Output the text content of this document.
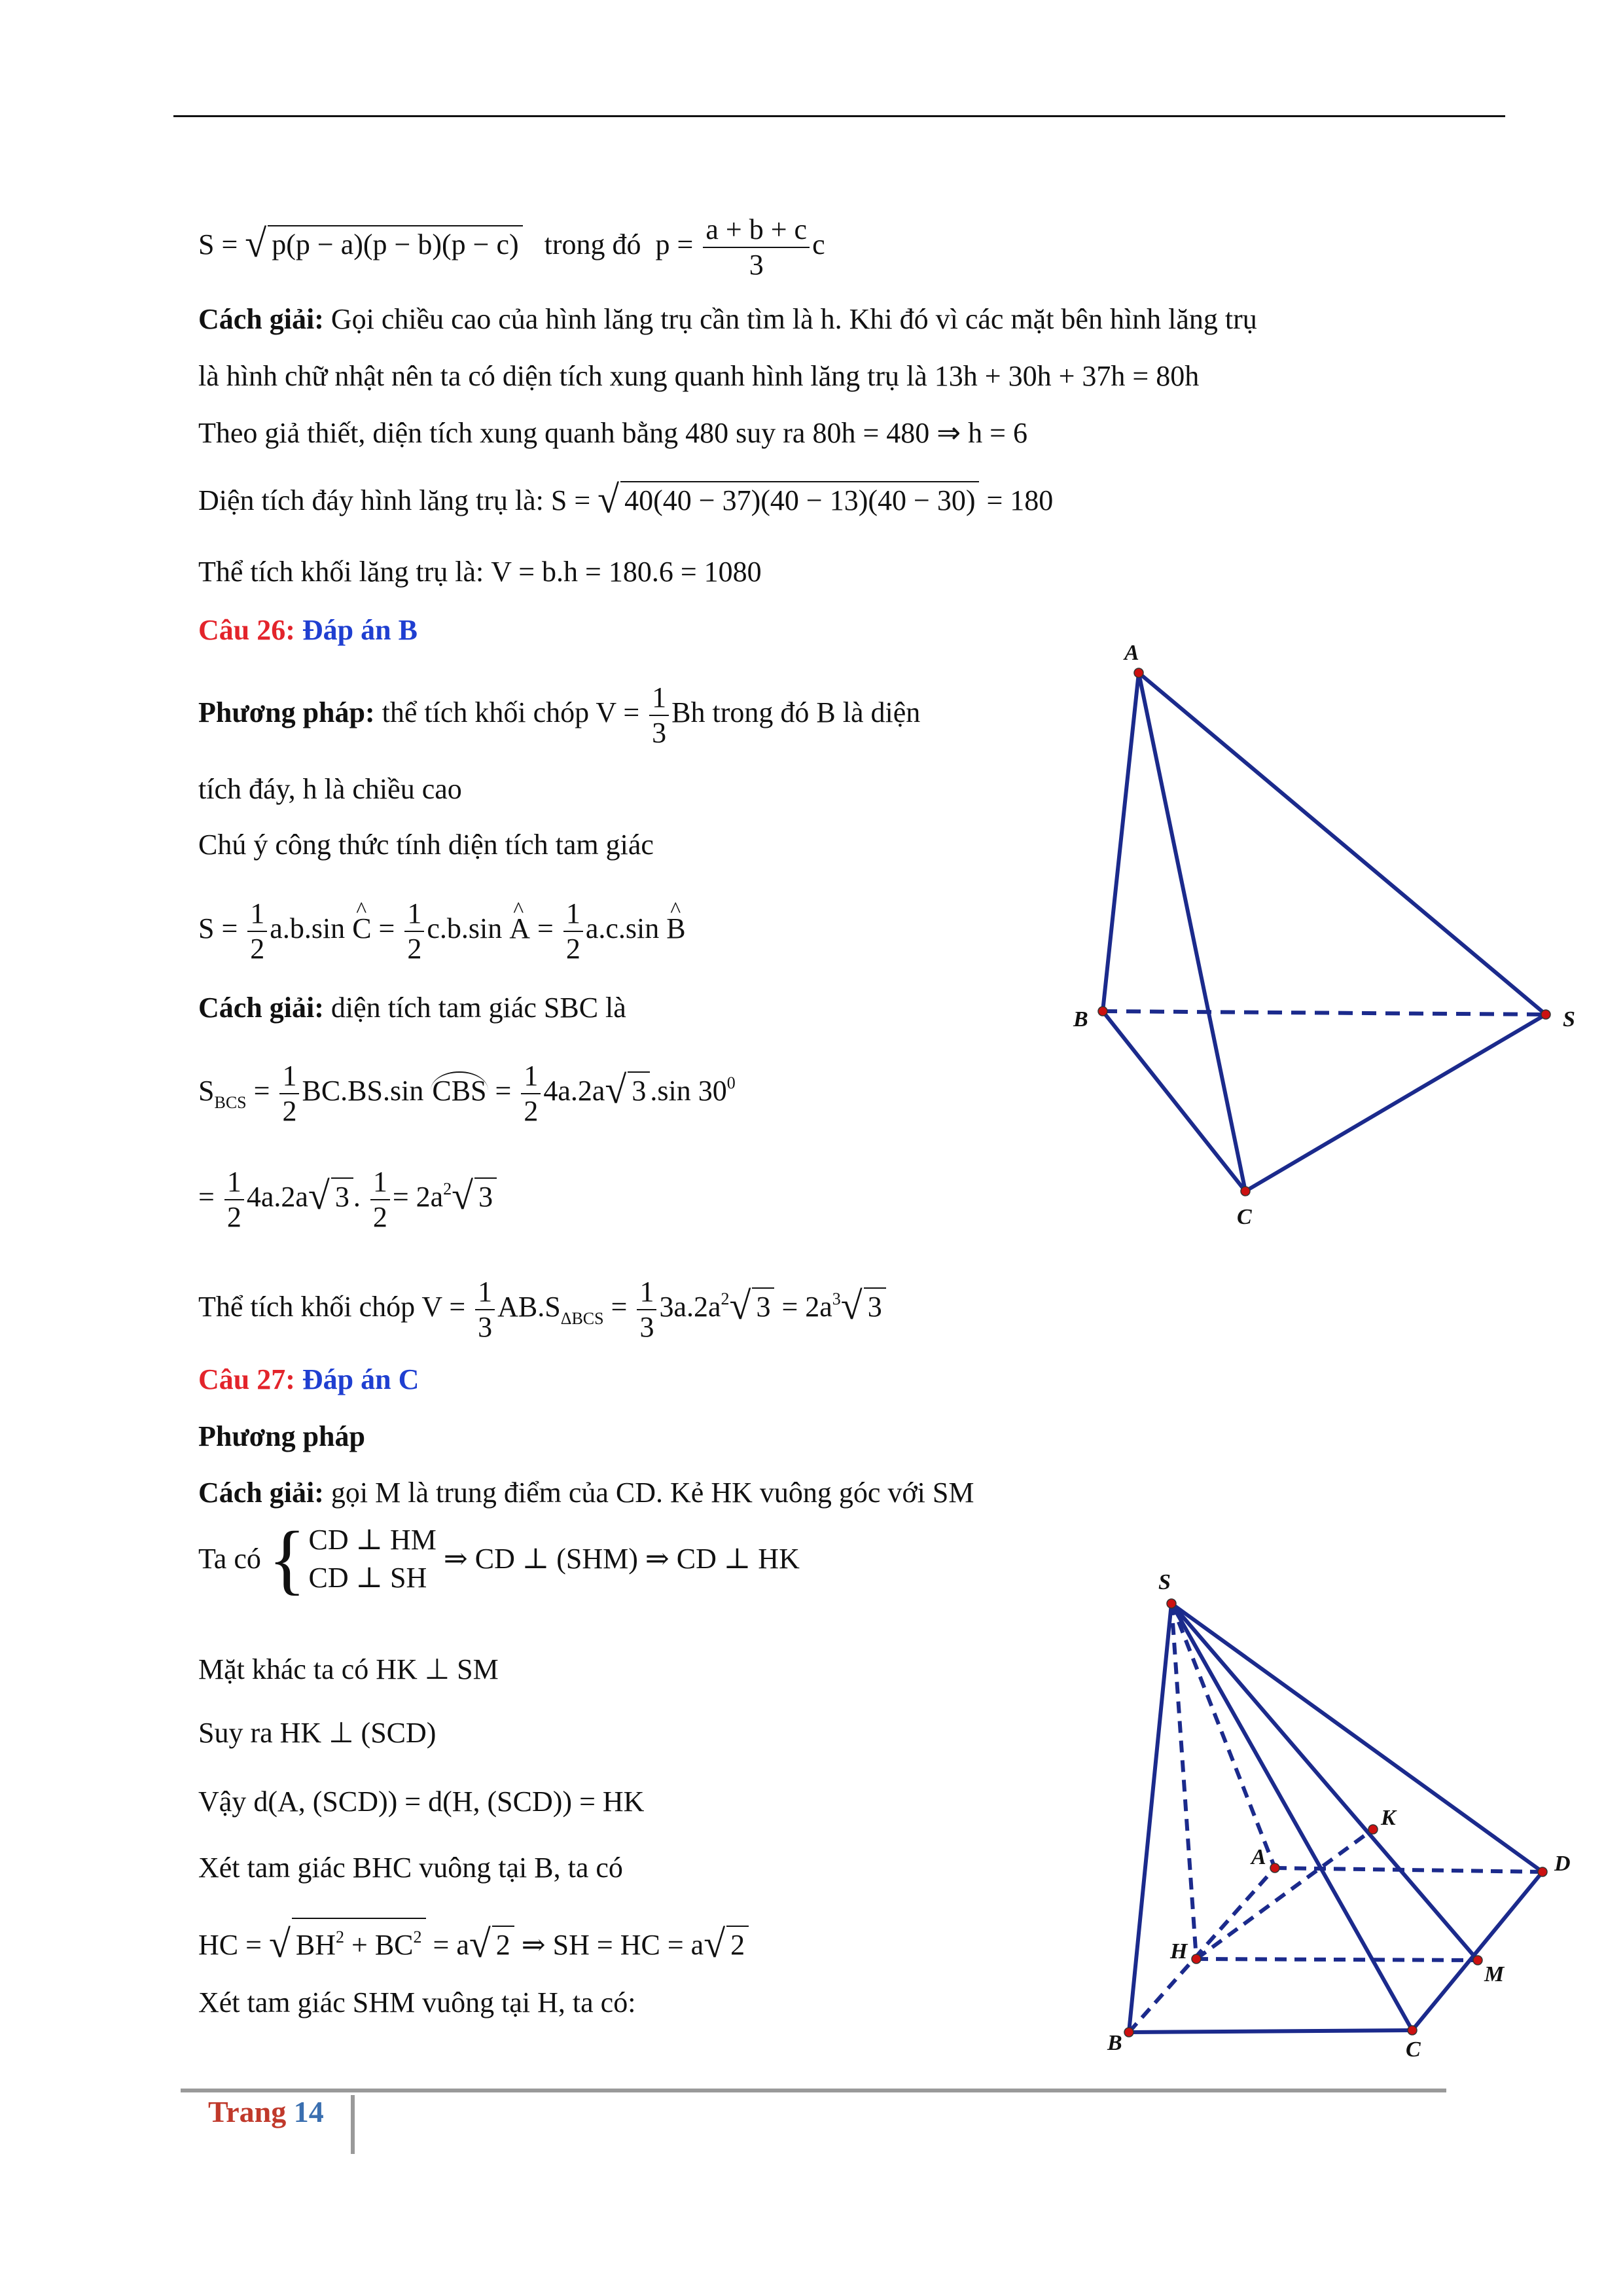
S = √ p(p − a)(p − b)(p − c) trong đó $p = \frac{a + b + c}{3}$ c
Cách giải: Gọi chiều cao của hình lăng trụ cần tìm là h. Khi đó vì các mặt bên hình lăng trụ
là hình chữ nhật nên ta có diện tích xung quanh hình lăng trụ là 13h + 30h + 37h = 80h
Theo giả thiết, diện tích xung quanh bằng 480 suy ra 80h = 480 ⇒ h = 6
Diện tích đáy hình lăng trụ là: S = √ 40(40 − 37)(40 − 13)(40 − 30) = 180
Thể tích khối lăng trụ là: V = b.h = 180.6 = 1080
Câu 26: Đáp án B
Phương pháp: thể tích khối chóp $V = \frac{1}{3}$ Bh trong đó B là diện
tích đáy, h là chiều cao
Chú ý công thức tính diện tích tam giác
$S = \frac{1}{2} a.b.\sin$ ^ $C = \frac{1}{2} c.b.\sin$ ^ $A = \frac{1}{2} a.c.\sin$ ^ B
Cách giải: diện tích tam giác SBC là
$S_{BCS} = \frac{1}{2} BC.BS.\sin$ CBS = $\frac{1}{2} 4a.2a√$ 3 .sin $30^0$
= $\frac{1}{2} 4a.2a√$ 3 . $\frac{1}{2} = 2a^2√$ 3
Thể tích khối chóp $V = \frac{1}{3} AB.S_{\Delta BCS} = \frac{1}{3} 3a.2a^2√$ $3 = 2a^3√$ 3
A
B	S
C
Câu 27: Đáp án C
Phương pháp
Cách giải: gọi M là trung điểm của CD. Kẻ HK vuông góc với SM
Ta có {CD ⊥ HM
CD ⊥ SH ⇒ CD ⊥ (SHM) ⇒ CD ⊥ HK
Mặt khác ta có HK ⊥ SM
Suy ra HK ⊥ (SCD)
Vậy d(A, (SCD)) = d(H, (SCD)) = HK
Xét tam giác BHC vuông tại B, ta có
HC = √ $BH^2 + BC^2 = a√$ 2 ⇒ SH = HC = a√ 2
Xét tam giác SHM vuông tại H, ta có:
S
K
A	D
H
M
B	C
Trang 14
